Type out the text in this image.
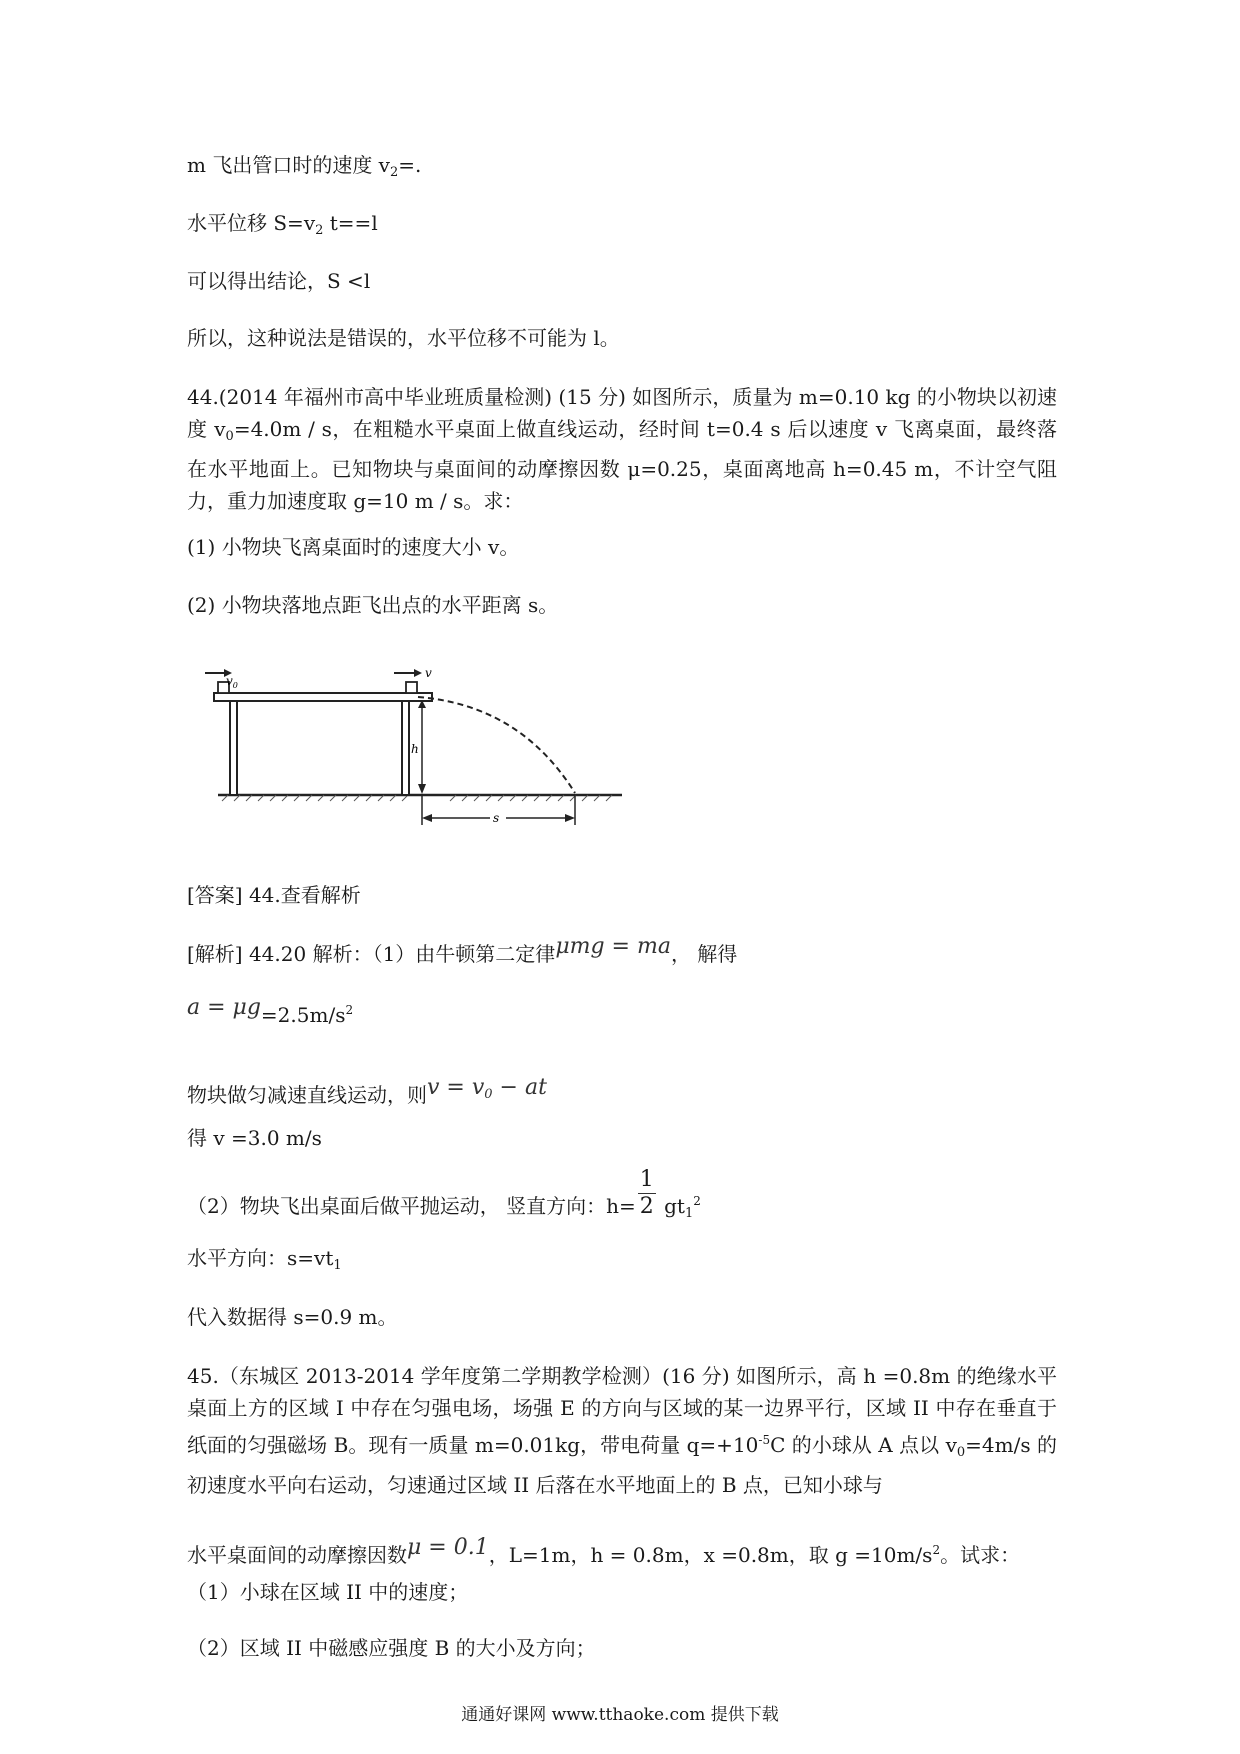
m 飞出管口时的速度 $v_2=$.
水平位移 $S=v_2$ t==l
可以得出结论，S <l
所以，这种说法是错误的，水平位移不可能为 l。
44.(2014 年福州市高中毕业班质量检测) (15 分) 如图所示，质量为 m=0.10 kg 的小物块以初速度 $v_0=4.0m / s$，在粗糙水平桌面上做直线运动，经时间 t=0.4 s 后以速度 v 飞离桌面，最终落在水平地面上。已知物块与桌面间的动摩擦因数 μ=0.25，桌面离地高 h=0.45 m，不计空气阻力，重力加速度取 g=10 m / s。求：
(1) 小物块飞离桌面时的速度大小 v。
(2) 小物块落地点距飞出点的水平距离 s。
$v_0$
v
h
s
[答案] 44.查看解析
[解析] 44.20 解析：（1）由牛顿第二定律μmg = ma， 解得
$a = \mu g=2.5m/s^2$
物块做匀减速直线运动，则$v = v_0$ − at
得 v =3.0 m/s
（2）物块飞出桌面后做平抛运动， 竖直方向：$h= \frac{1}{2} gt_1^2$
水平方向：$s=vt_1$
代入数据得 s=0.9 m。
45.（东城区 2013-2014 学年度第二学期教学检测）(16 分) 如图所示，高 h =0.8m 的绝缘水平桌面上方的区域 I 中存在匀强电场，场强 E 的方向与区域的某一边界平行，区域 II 中存在垂直于纸面的匀强磁场 B。现有一质量 m=0.01kg，带电荷量 $q=+10^{-5}C$ 的小球从 A 点以 $v_0=4m/s$ 的初速度水平向右运动，匀速通过区域 II 后落在水平地面上的 B 点，已知小球与
水平桌面间的动摩擦因数μ = 0.1，L=1m，h = 0.8m，x =0.8m，取 $g =10m/s^2$。试求：
（1）小球在区域 II 中的速度；
（2）区域 II 中磁感应强度 B 的大小及方向；
通通好课网 www.tthaoke.com 提供下载
